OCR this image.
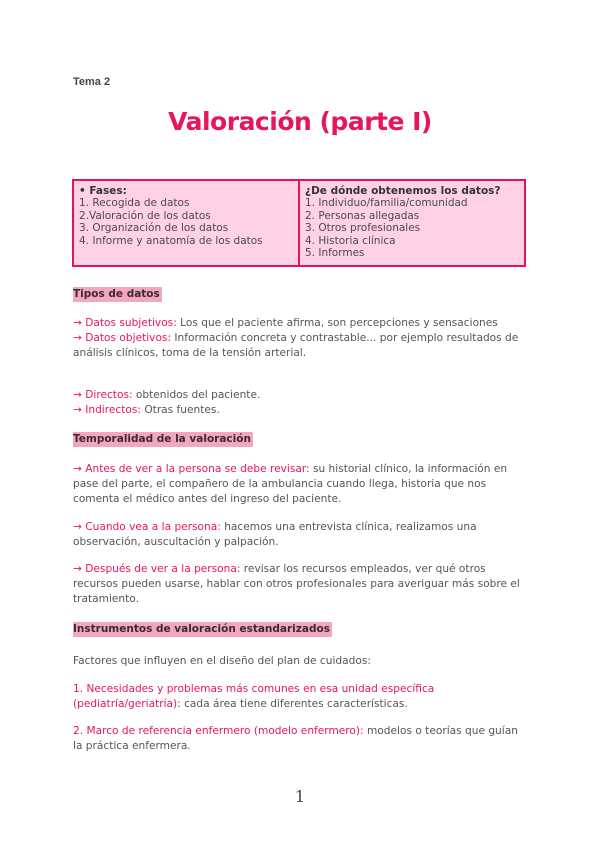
Tema 2
Valoración (parte I)
• Fases:
1. Recogida de datos
2.Valoración de los datos
3. Organización de los datos
4. Informe y anatomía de los datos
¿De dónde obtenemos los datos?
1. Individuo/familia/comunidad
2. Personas allegadas
3. Otros profesionales
4. Historia clínica
5. Informes
Tipos de datos

→ Datos subjetivos: Los que el paciente afirma, son percepciones y sensaciones

→ Datos objetivos: Información concreta y contrastable... por ejemplo resultados de análisis clínicos, toma de la tensión arterial.

→ Directos: obtenidos del paciente.

→ Indirectos: Otras fuentes.

Temporalidad de la valoración

→ Antes de ver a la persona se debe revisar: su historial clínico, la información en pase del parte, el compañero de la ambulancia cuando llega, historia que nos comenta el médico antes del ingreso del paciente.

→ Cuando vea a la persona: hacemos una entrevista clínica, realizamos una observación, auscultación y palpación.

→ Después de ver a la persona: revisar los recursos empleados, ver qué otros recursos pueden usarse, hablar con otros profesionales para averiguar más sobre el tratamiento.

Instrumentos de valoración estandarizados

Factores que influyen en el diseño del plan de cuidados:

1. Necesidades y problemas más comunes en esa unidad específica (pediatría/geriatría): cada área tiene diferentes características.

2. Marco de referencia enfermero (modelo enfermero): modelos o teorías que guían la práctica enfermera.

1
